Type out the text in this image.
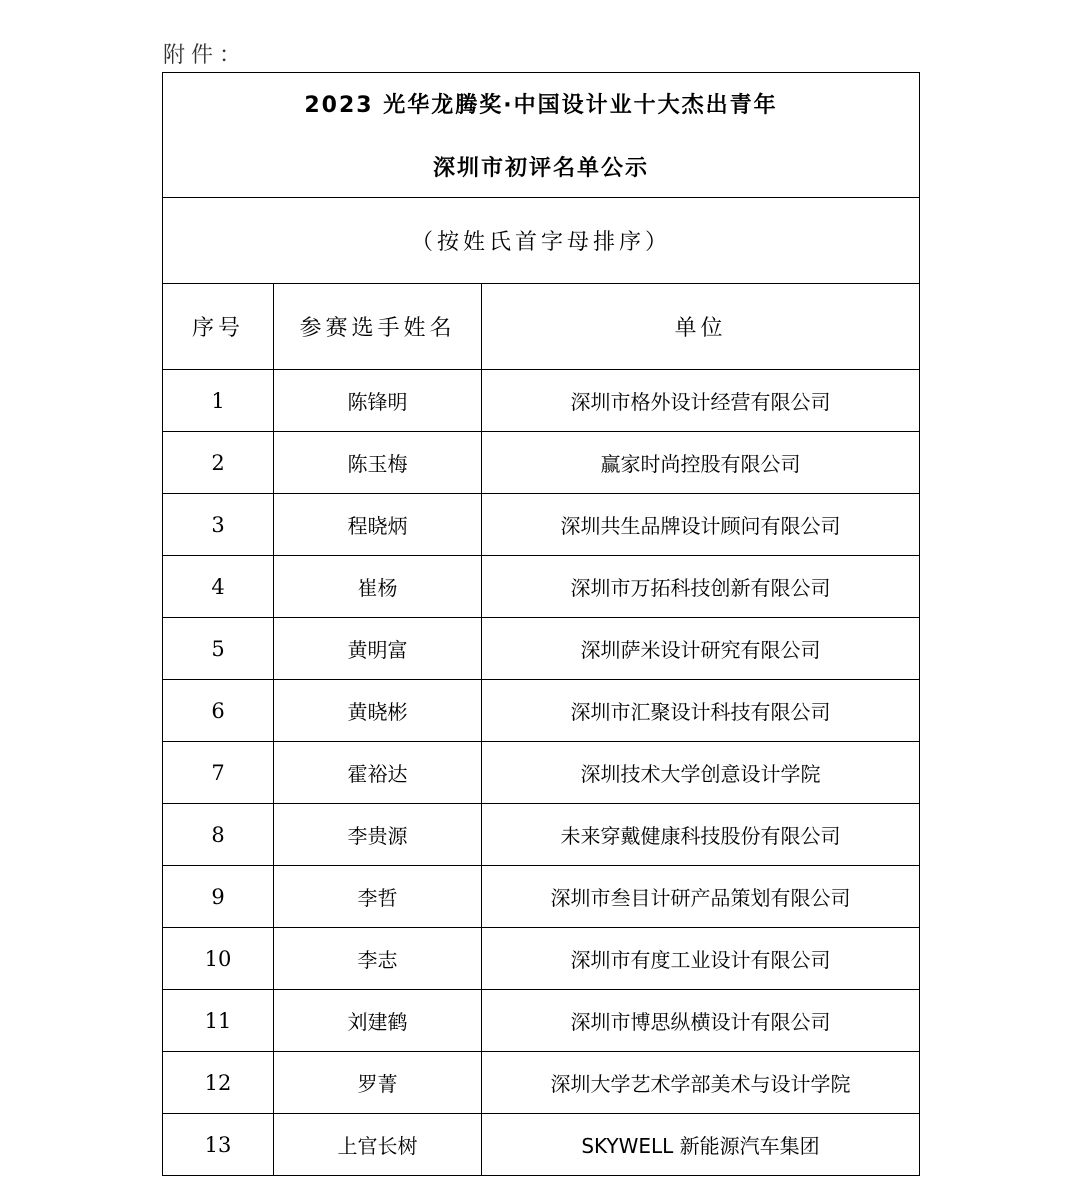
附件：
2023 光华龙腾奖·中国设计业十大杰出青年
深圳市初评名单公示		

（按姓氏首字母排序）		
序号	参赛选手姓名	单位
1	陈锋明	深圳市格外设计经营有限公司
2	陈玉梅	赢家时尚控股有限公司
3	程晓炳	深圳共生品牌设计顾问有限公司
4	崔杨	深圳市万拓科技创新有限公司
5	黄明富	深圳萨米设计研究有限公司
6	黄晓彬	深圳市汇聚设计科技有限公司
7	霍裕达	深圳技术大学创意设计学院
8	李贵源	未来穿戴健康科技股份有限公司
9	李哲	深圳市叁目计研产品策划有限公司
10	李志	深圳市有度工业设计有限公司
11	刘建鹤	深圳市博思纵横设计有限公司
12	罗菁	深圳大学艺术学部美术与设计学院
13	上官长树	SKYWELL 新能源汽车集团
